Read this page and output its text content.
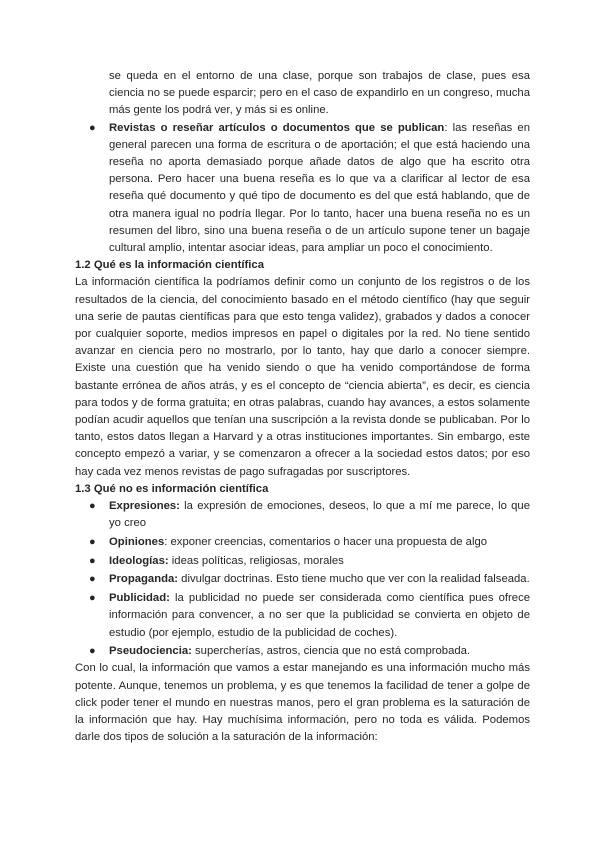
se queda en el entorno de una clase, porque son trabajos de clase, pues esa ciencia no se puede esparcir; pero en el caso de expandirlo en un congreso, mucha más gente los podrá ver, y más si es online.

● Revistas o reseñar artículos o documentos que se publican: las reseñas en general parecen una forma de escritura o de aportación; el que está haciendo una reseña no aporta demasiado porque añade datos de algo que ha escrito otra persona. Pero hacer una buena reseña es lo que va a clarificar al lector de esa reseña qué documento y qué tipo de documento es del que está hablando, que de otra manera igual no podría llegar. Por lo tanto, hacer una buena reseña no es un resumen del libro, sino una buena reseña o de un artículo supone tener un bagaje cultural amplio, intentar asociar ideas, para ampliar un poco el conocimiento.

1.2 Qué es la información científica

La información científica la podríamos definir como un conjunto de los registros o de los resultados de la ciencia, del conocimiento basado en el método científico (hay que seguir una serie de pautas científicas para que esto tenga validez), grabados y dados a conocer por cualquier soporte, medios impresos en papel o digitales por la red. No tiene sentido avanzar en ciencia pero no mostrarlo, por lo tanto, hay que darlo a conocer siempre. Existe una cuestión que ha venido siendo o que ha venido comportándose de forma bastante errónea de años atrás, y es el concepto de “ciencia abierta”, es decir, es ciencia para todos y de forma gratuita; en otras palabras, cuando hay avances, a estos solamente podían acudir aquellos que tenían una suscripción a la revista donde se publicaban. Por lo tanto, estos datos llegan a Harvard y a otras instituciones importantes. Sin embargo, este concepto empezó a variar, y se comenzaron a ofrecer a la sociedad estos datos; por eso hay cada vez menos revistas de pago sufragadas por suscriptores.

1.3 Qué no es información científica
● Expresiones: la expresión de emociones, deseos, lo que a mí me parece, lo que yo creo

● Opiniones: exponer creencias, comentarios o hacer una propuesta de algo

● Ideologías: ideas políticas, religiosas, morales

● Propaganda: divulgar doctrinas. Esto tiene mucho que ver con la realidad falseada.

● Publicidad: la publicidad no puede ser considerada como científica pues ofrece información para convencer, a no ser que la publicidad se convierta en objeto de estudio (por ejemplo, estudio de la publicidad de coches).

● Pseudociencia: supercherías, astros, ciencia que no está comprobada.

Con lo cual, la información que vamos a estar manejando es una información mucho más potente. Aunque, tenemos un problema, y es que tenemos la facilidad de tener a golpe de click poder tener el mundo en nuestras manos, pero el gran problema es la saturación de la información que hay. Hay muchísima información, pero no toda es válida. Podemos darle dos tipos de solución a la saturación de la información:
